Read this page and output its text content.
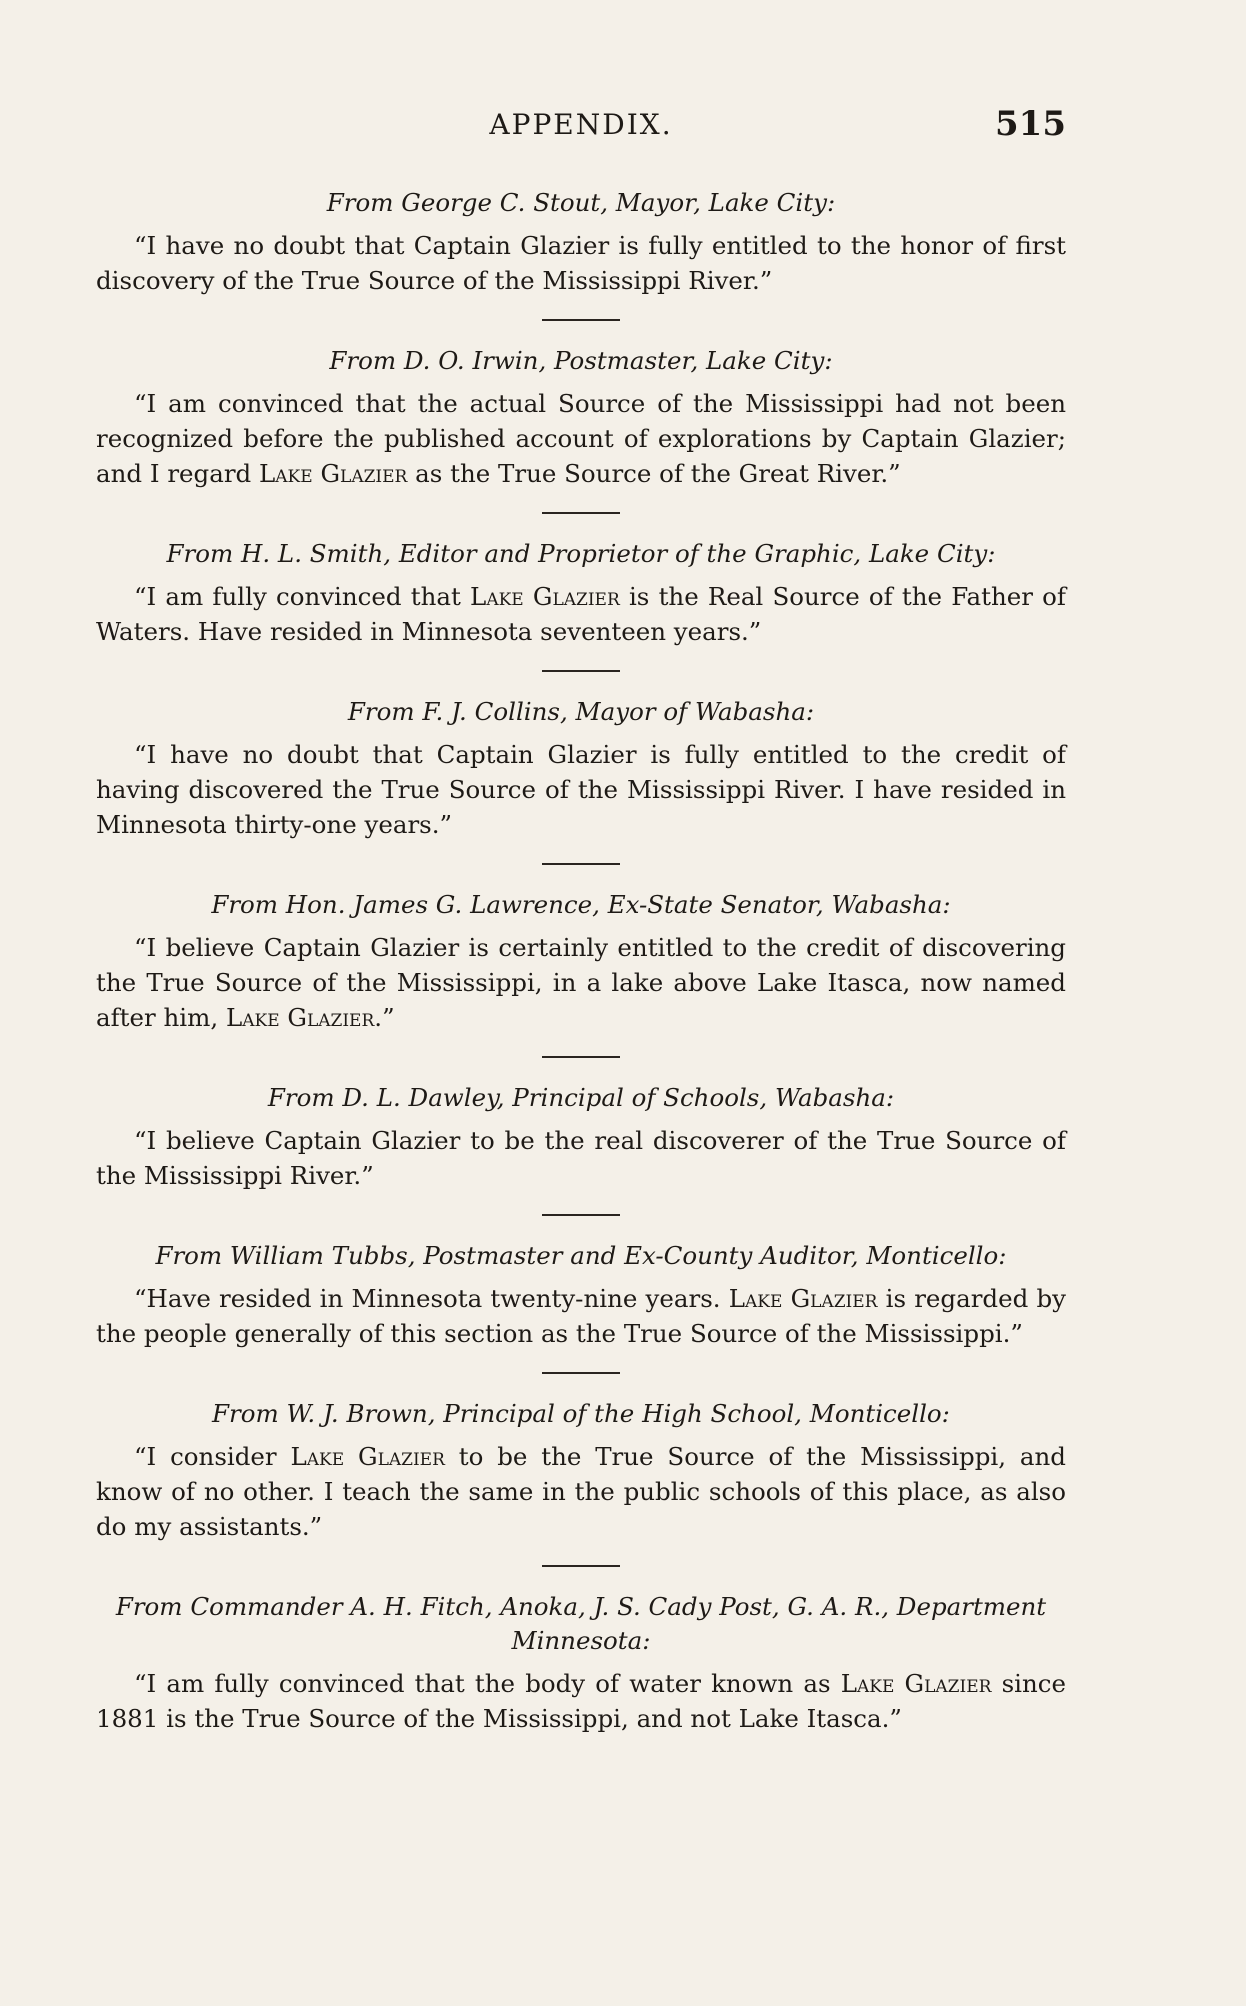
APPENDIX.	515

From George C. Stout, Mayor, Lake City:

“I have no doubt that Captain Glazier is fully entitled to the honor of first discovery of the True Source of the Mississippi River.”

From D. O. Irwin, Postmaster, Lake City:

“I am convinced that the actual Source of the Mississippi had not been recognized before the published account of explorations by Captain Glazier; and I regard Lake Glazier as the True Source of the Great River.”

From H. L. Smith, Editor and Proprietor of the Graphic, Lake City:

“I am fully convinced that Lake Glazier is the Real Source of the Father of Waters. Have resided in Minnesota seventeen years.”

From F. J. Collins, Mayor of Wabasha:

“I have no doubt that Captain Glazier is fully entitled to the credit of having discovered the True Source of the Mississippi River. I have resided in Minnesota thirty-one years.”

From Hon. James G. Lawrence, Ex-State Senator, Wabasha:

“I believe Captain Glazier is certainly entitled to the credit of discovering the True Source of the Mississippi, in a lake above Lake Itasca, now named after him, Lake Glazier.”

From D. L. Dawley, Principal of Schools, Wabasha:

“I believe Captain Glazier to be the real discoverer of the True Source of the Mississippi River.”

From William Tubbs, Postmaster and Ex-County Auditor, Monticello:

“Have resided in Minnesota twenty-nine years. Lake Glazier is regarded by the people generally of this section as the True Source of the Mississippi.”

From W. J. Brown, Principal of the High School, Monticello:

“I consider Lake Glazier to be the True Source of the Mississippi, and know of no other. I teach the same in the public schools of this place, as also do my assistants.”

From Commander A. H. Fitch, Anoka, J. S. Cady Post, G. A. R., Department Minnesota:

“I am fully convinced that the body of water known as Lake Glazier since 1881 is the True Source of the Mississippi, and not Lake Itasca.”
